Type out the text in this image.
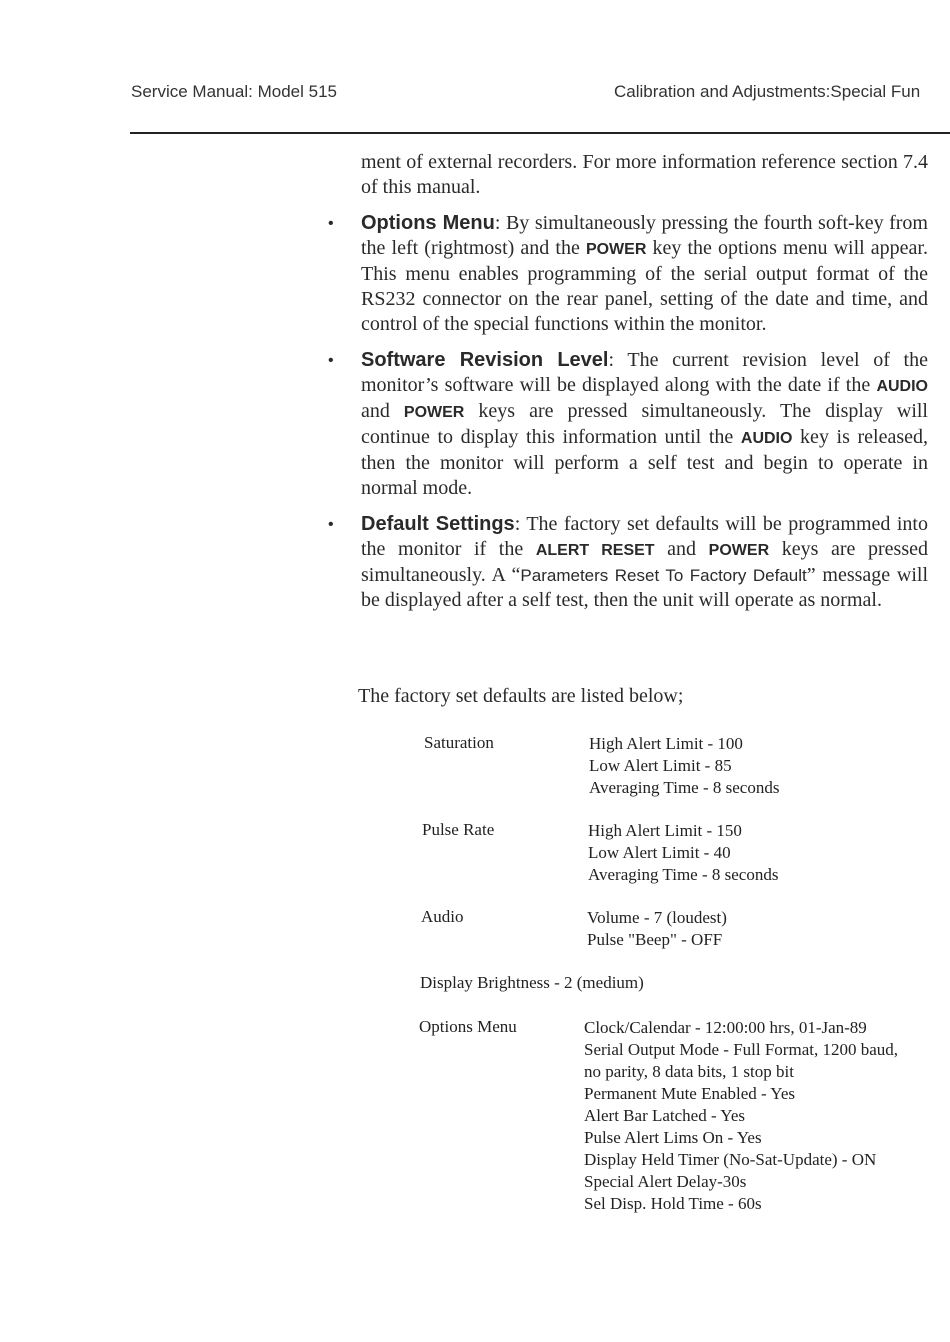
Service Manual: Model 515	Calibration and Adjustments:Special Fun

ment of external recorders. For more information reference section 7.4 of this manual.

• Options Menu: By simultaneously pressing the fourth soft-key from the left (rightmost) and the POWER key the options menu will appear. This menu enables programming of the serial output format of the RS232 connector on the rear panel, setting of the date and time, and control of the special functions within the monitor.

• Software Revision Level: The current revision level of the monitor’s software will be displayed along with the date if the AUDIO and POWER keys are pressed simultaneously. The display will continue to display this information until the AUDIO key is released, then the monitor will perform a self test and begin to operate in normal mode.

• Default Settings: The factory set defaults will be programmed into the monitor if the ALERT RESET and POWER keys are pressed simultaneously. A “Parameters Reset To Factory Default” message will be displayed after a self test, then the unit will operate as normal.

The factory set defaults are listed below;
Saturation	High Alert Limit - 100
Low Alert Limit - 85
Averaging Time - 8 seconds
Pulse Rate	High Alert Limit - 150
Low Alert Limit - 40
Averaging Time - 8 seconds
Audio	Volume - 7 (loudest)
Pulse "Beep" - OFF
Display Brightness - 2 (medium)
Options Menu	Clock/Calendar - 12:00:00 hrs, 01-Jan-89
Serial Output Mode - Full Format, 1200 baud,
no parity, 8 data bits, 1 stop bit
Permanent Mute Enabled - Yes
Alert Bar Latched - Yes
Pulse Alert Lims On - Yes
Display Held Timer (No-Sat-Update) - ON
Special Alert Delay-30s
Sel Disp. Hold Time - 60s
